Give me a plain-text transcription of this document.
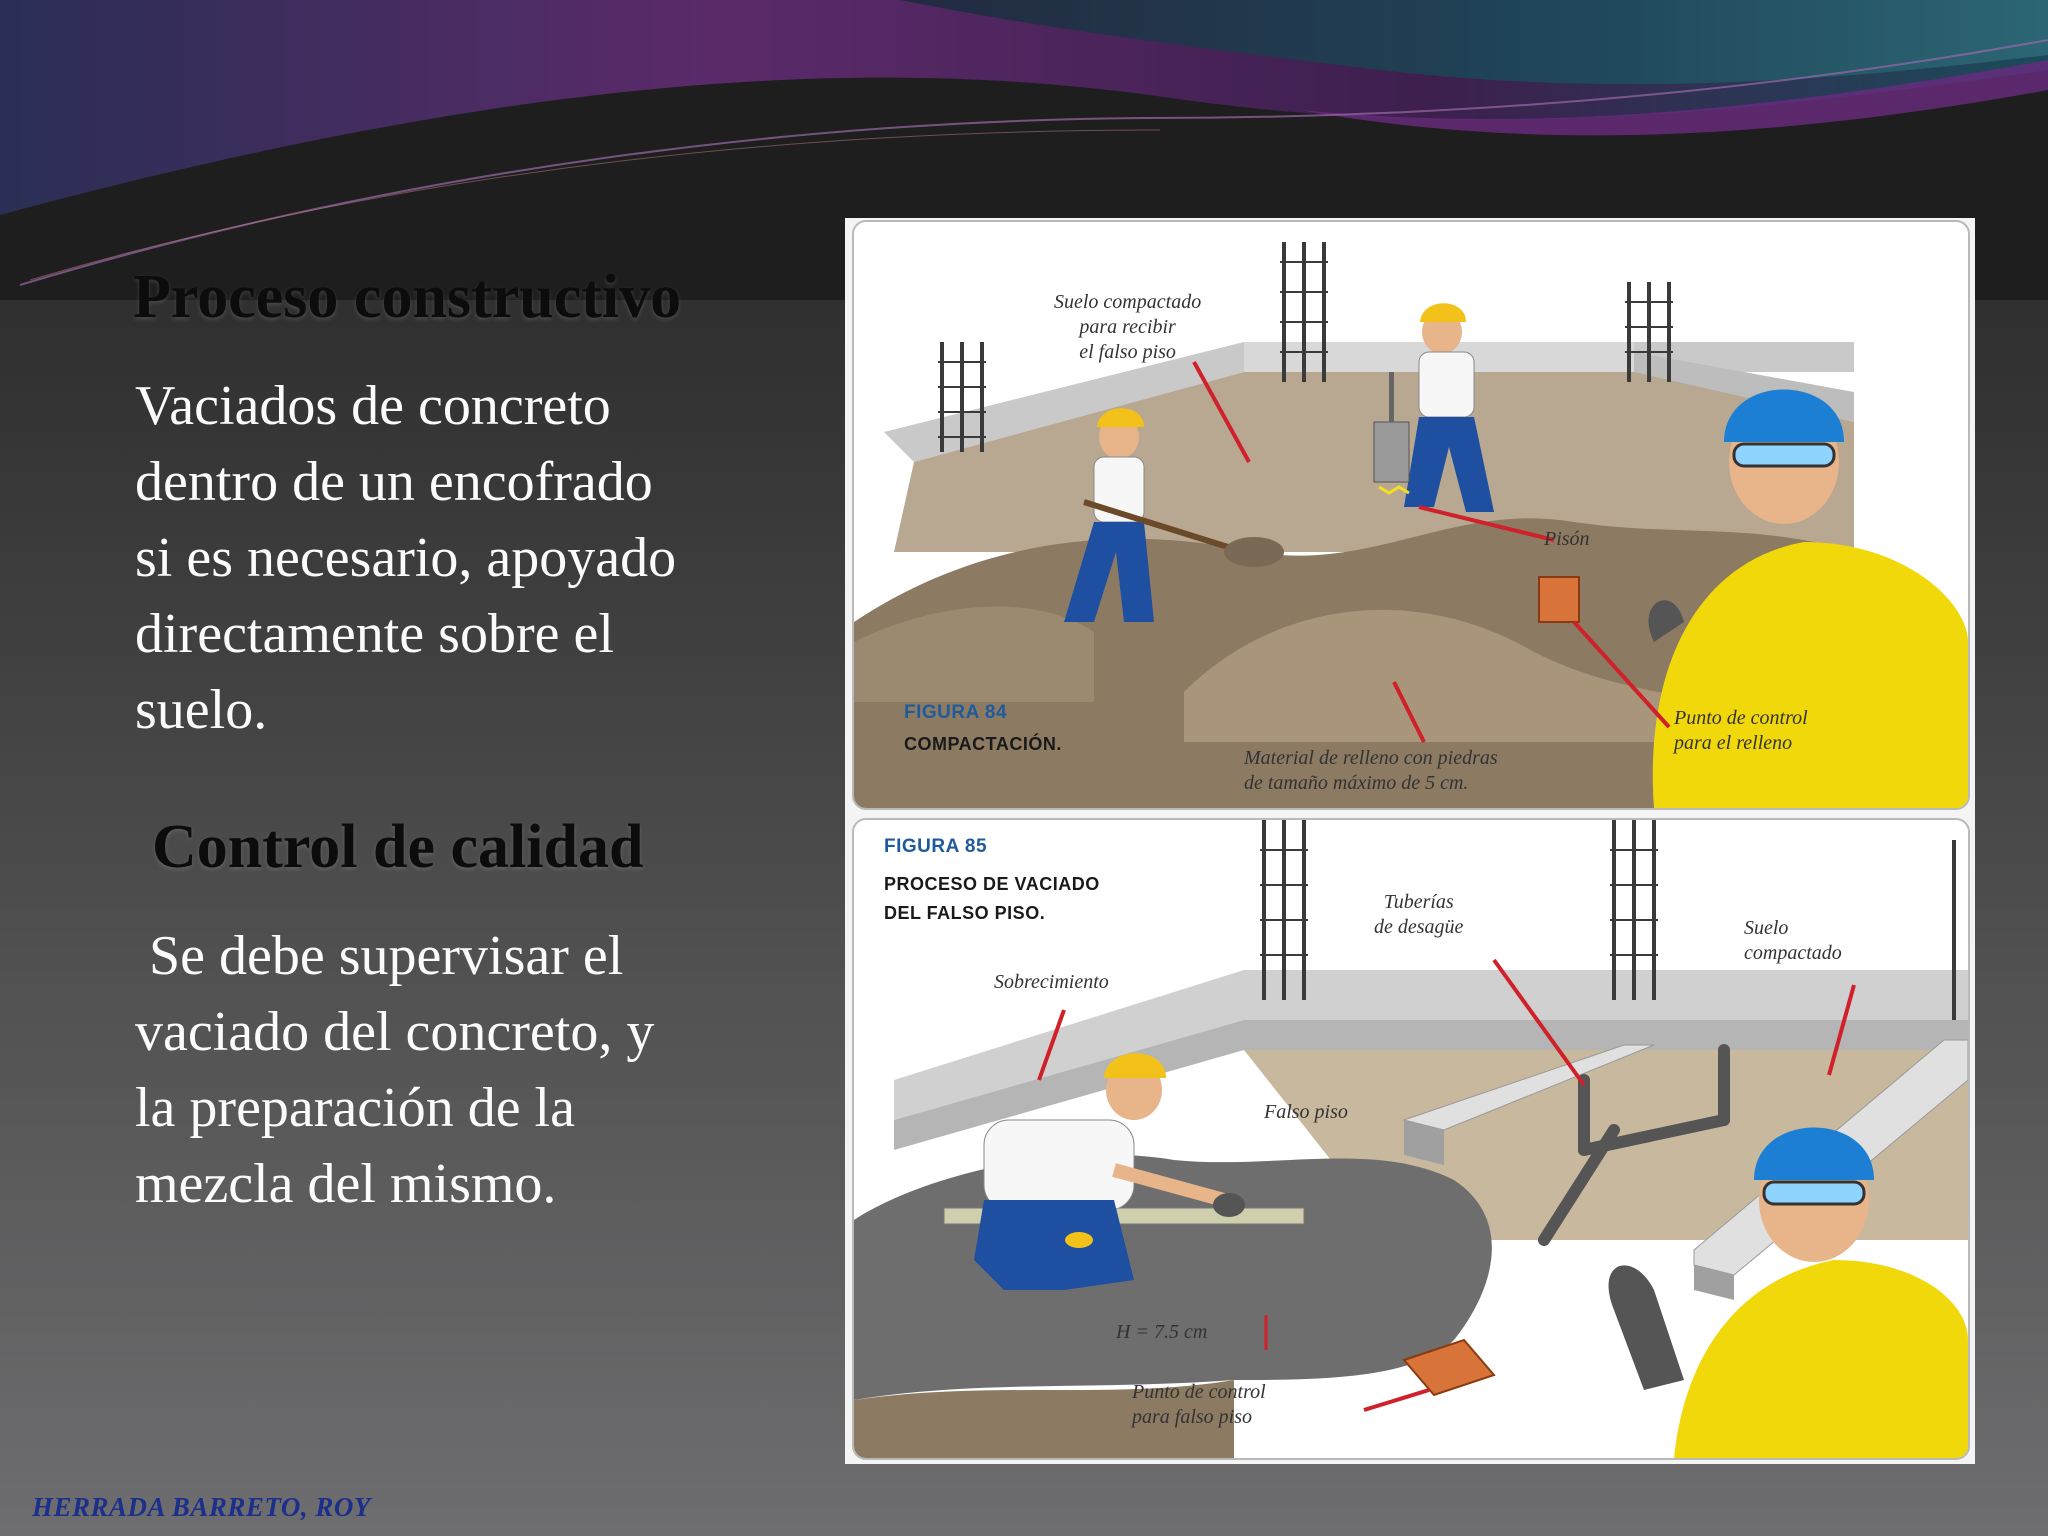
Proceso constructivo

Vaciados de concreto
dentro de un encofrado
si es necesario, apoyado
directamente sobre el
suelo.

Control de calidad

Se debe supervisar el
vaciado del concreto, y
la preparación de la
mezcla del mismo.

HERRADA BARRETO, ROY
Suelo compactado
para recibir
el falso piso
Pisón
FIGURA 84
COMPACTACIÓN.
Material de relleno con piedras
de tamaño máximo de 5 cm.
Punto de control
para el relleno
FIGURA 85
PROCESO DE VACIADO
DEL FALSO PISO.	Tuberías
de desagüe	Suelo
compactado
Sobrecimiento
Falso piso
H = 7.5 cm
Punto de control
para falso piso
